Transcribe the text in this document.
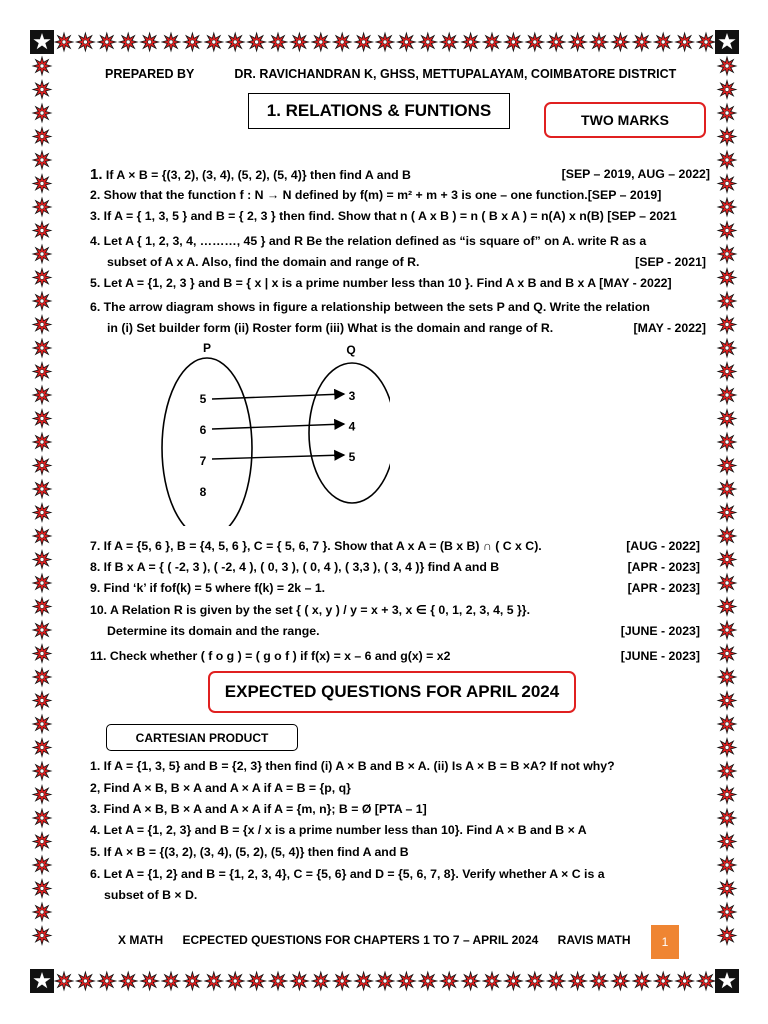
PREPARED BY	DR. RAVICHANDRAN K, GHSS, METTUPALAYAM, COIMBATORE DISTRICT
1. RELATIONS & FUNTIONS	TWO MARKS
1. If A × B = {(3, 2), (3, 4), (5, 2), (5, 4)} then find A and B	[SEP – 2019, AUG – 2022]
2. Show that the function f : N → N defined by f(m) = m² + m + 3 is one – one function.[SEP – 2019]
3. If A = { 1, 3, 5 } and B = { 2, 3 } then find. Show that n ( A x B ) = n ( B x A ) = n(A) x n(B) [SEP – 2021
4. Let A { 1, 2, 3, 4, ………, 45 } and R Be the relation defined as “is square of” on A. write R as a
subset of A x A. Also, find the domain and range of R.	[SEP - 2021]
5. Let A = {1, 2, 3 } and B = { x | x is a prime number less than 10 }. Find A x B and B x A [MAY - 2022]
6. The arrow diagram shows in figure a relationship between the sets P and Q. Write the relation
in (i) Set builder form (ii) Roster form (iii) What is the domain and range of R.	[MAY - 2022]
7. If A = {5, 6 }, B = {4, 5, 6 }, C = { 5, 6, 7 }. Show that A x A = (B x B) ∩ ( C x C).	[AUG - 2022]
8. If B x A = { ( -2, 3 ), ( -2, 4 ), ( 0, 3 ), ( 0, 4 ), ( 3,3 ), ( 3, 4 )} find A and B	[APR - 2023]
9. Find ‘k’ if fof(k) = 5 where f(k) = 2k – 1.	[APR - 2023]
10. A Relation R is given by the set { ( x, y ) / y = x + 3, x ∈ { 0, 1, 2, 3, 4, 5 }}.
Determine its domain and the range.	[JUNE - 2023]
11. Check whether ( f o g ) = ( g o f ) if f(x) = x – 6 and g(x) = x2	[JUNE - 2023]
P	Q
5
6
7
8
3
4
5
EXPECTED QUESTIONS FOR APRIL 2024
CARTESIAN PRODUCT
1. If A = {1, 3, 5} and B = {2, 3} then find (i) A × B and B × A. (ii) Is A × B = B ×A? If not why?
2, Find A × B, B × A and A × A if A = B = {p, q}
3. Find A × B, B × A and A × A if A = {m, n}; B = Ø [PTA – 1]
4. Let A = {1, 2, 3} and B = {x / x is a prime number less than 10}. Find A × B and B × A
5. If A × B = {(3, 2), (3, 4), (5, 2), (5, 4)} then find A and B
6. Let A = {1, 2} and B = {1, 2, 3, 4}, C = {5, 6} and D = {5, 6, 7, 8}. Verify whether A × C is a
subset of B × D.
X MATH ECPECTED QUESTIONS FOR CHAPTERS 1 TO 7 – APRIL 2024 RAVIS MATH	1
